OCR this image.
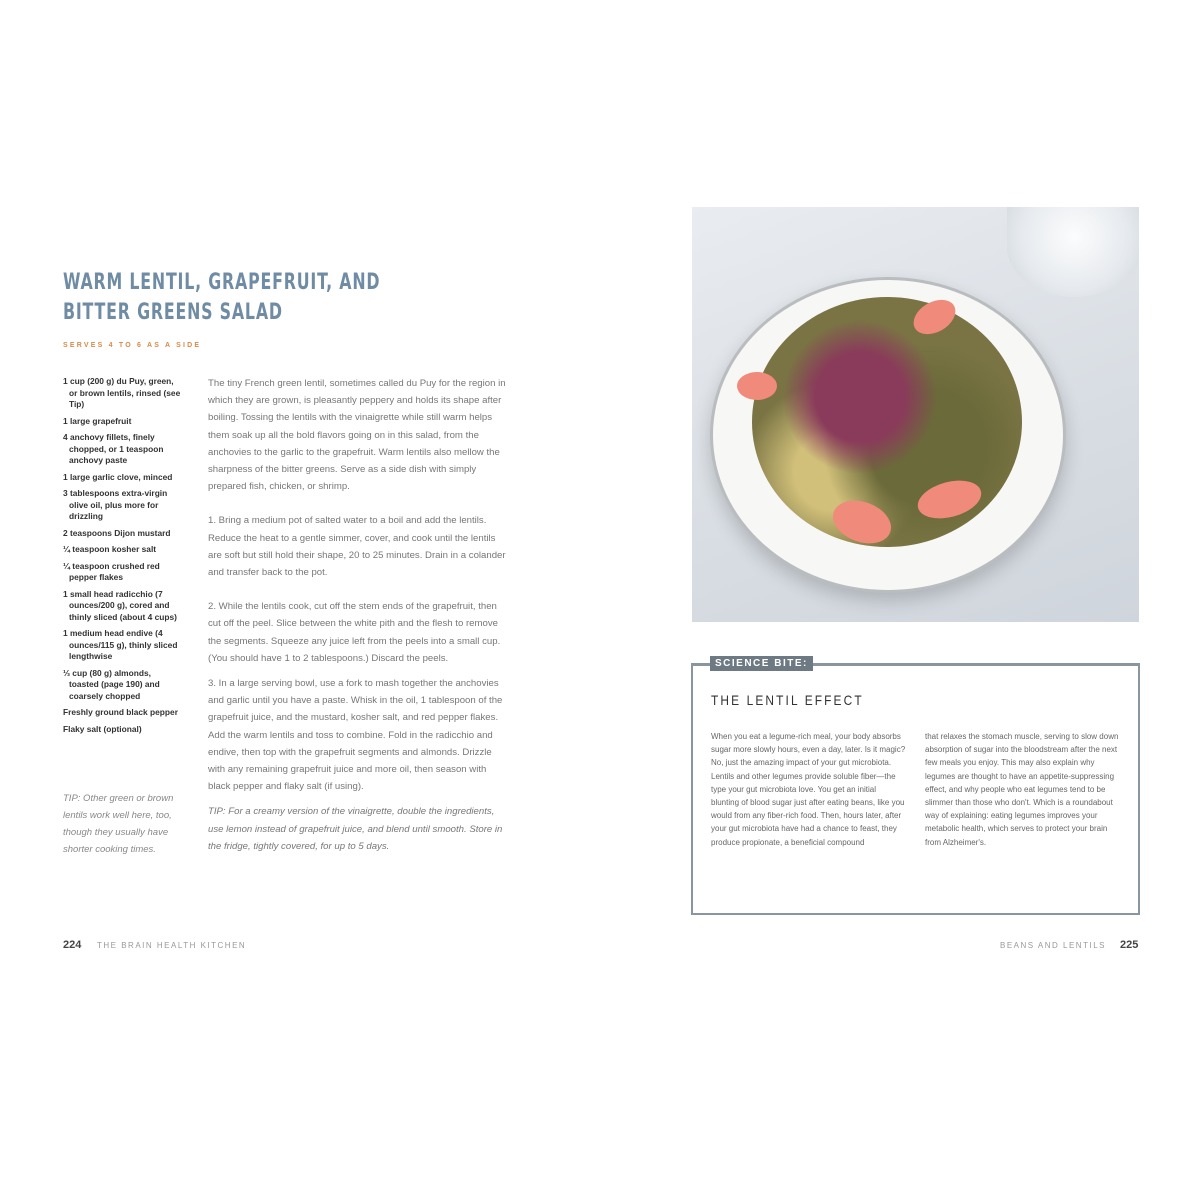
WARM LENTIL, GRAPEFRUIT, AND BITTER GREENS SALAD
SERVES 4 TO 6 AS A SIDE
1 cup (200 g) du Puy, green, or brown lentils, rinsed (see Tip)
1 large grapefruit
4 anchovy fillets, finely chopped, or 1 teaspoon anchovy paste
1 large garlic clove, minced
3 tablespoons extra-virgin olive oil, plus more for drizzling
2 teaspoons Dijon mustard
¼ teaspoon kosher salt
¼ teaspoon crushed red pepper flakes
1 small head radicchio (7 ounces/200 g), cored and thinly sliced (about 4 cups)
1 medium head endive (4 ounces/115 g), thinly sliced lengthwise
⅓ cup (80 g) almonds, toasted (page 190) and coarsely chopped
Freshly ground black pepper
Flaky salt (optional)
TIP: Other green or brown lentils work well here, too, though they usually have shorter cooking times.

The tiny French green lentil, sometimes called du Puy for the region in which they are grown, is pleasantly peppery and holds its shape after boiling. Tossing the lentils with the vinaigrette while still warm helps them soak up all the bold flavors going on in this salad, from the anchovies to the garlic to the grapefruit. Warm lentils also mellow the sharpness of the bitter greens. Serve as a side dish with simply prepared fish, chicken, or shrimp.

1. Bring a medium pot of salted water to a boil and add the lentils. Reduce the heat to a gentle simmer, cover, and cook until the lentils are soft but still hold their shape, 20 to 25 minutes. Drain in a colander and transfer back to the pot.

2. While the lentils cook, cut off the stem ends of the grapefruit, then cut off the peel. Slice between the white pith and the flesh to remove the segments. Squeeze any juice left from the peels into a small cup. (You should have 1 to 2 tablespoons.) Discard the peels.

3. In a large serving bowl, use a fork to mash together the anchovies and garlic until you have a paste. Whisk in the oil, 1 tablespoon of the grapefruit juice, and the mustard, kosher salt, and red pepper flakes. Add the warm lentils and toss to combine. Fold in the radicchio and endive, then top with the grapefruit segments and almonds. Drizzle with any remaining grapefruit juice and more oil, then season with black pepper and flaky salt (if using).

TIP: For a creamy version of the vinaigrette, double the ingredients, use lemon instead of grapefruit juice, and blend until smooth. Store in the fridge, tightly covered, for up to 5 days.

SCIENCE BITE:
THE LENTIL EFFECT
When you eat a legume-rich meal, your body absorbs sugar more slowly hours, even a day, later. Is it magic? No, just the amazing impact of your gut microbiota. Lentils and other legumes provide soluble fiber—the type your gut microbiota love. You get an initial blunting of blood sugar just after eating beans, like you would from any fiber-rich food. Then, hours later, after your gut microbiota have had a chance to feast, they produce propionate, a beneficial compound
that relaxes the stomach muscle, serving to slow down absorption of sugar into the bloodstream after the next few meals you enjoy. This may also explain why legumes are thought to have an appetite-suppressing effect, and why people who eat legumes tend to be slimmer than those who don't. Which is a roundabout way of explaining: eating legumes improves your metabolic health, which serves to protect your brain from Alzheimer's.
224 THE BRAIN HEALTH KITCHEN	BEANS AND LENTILS 225
